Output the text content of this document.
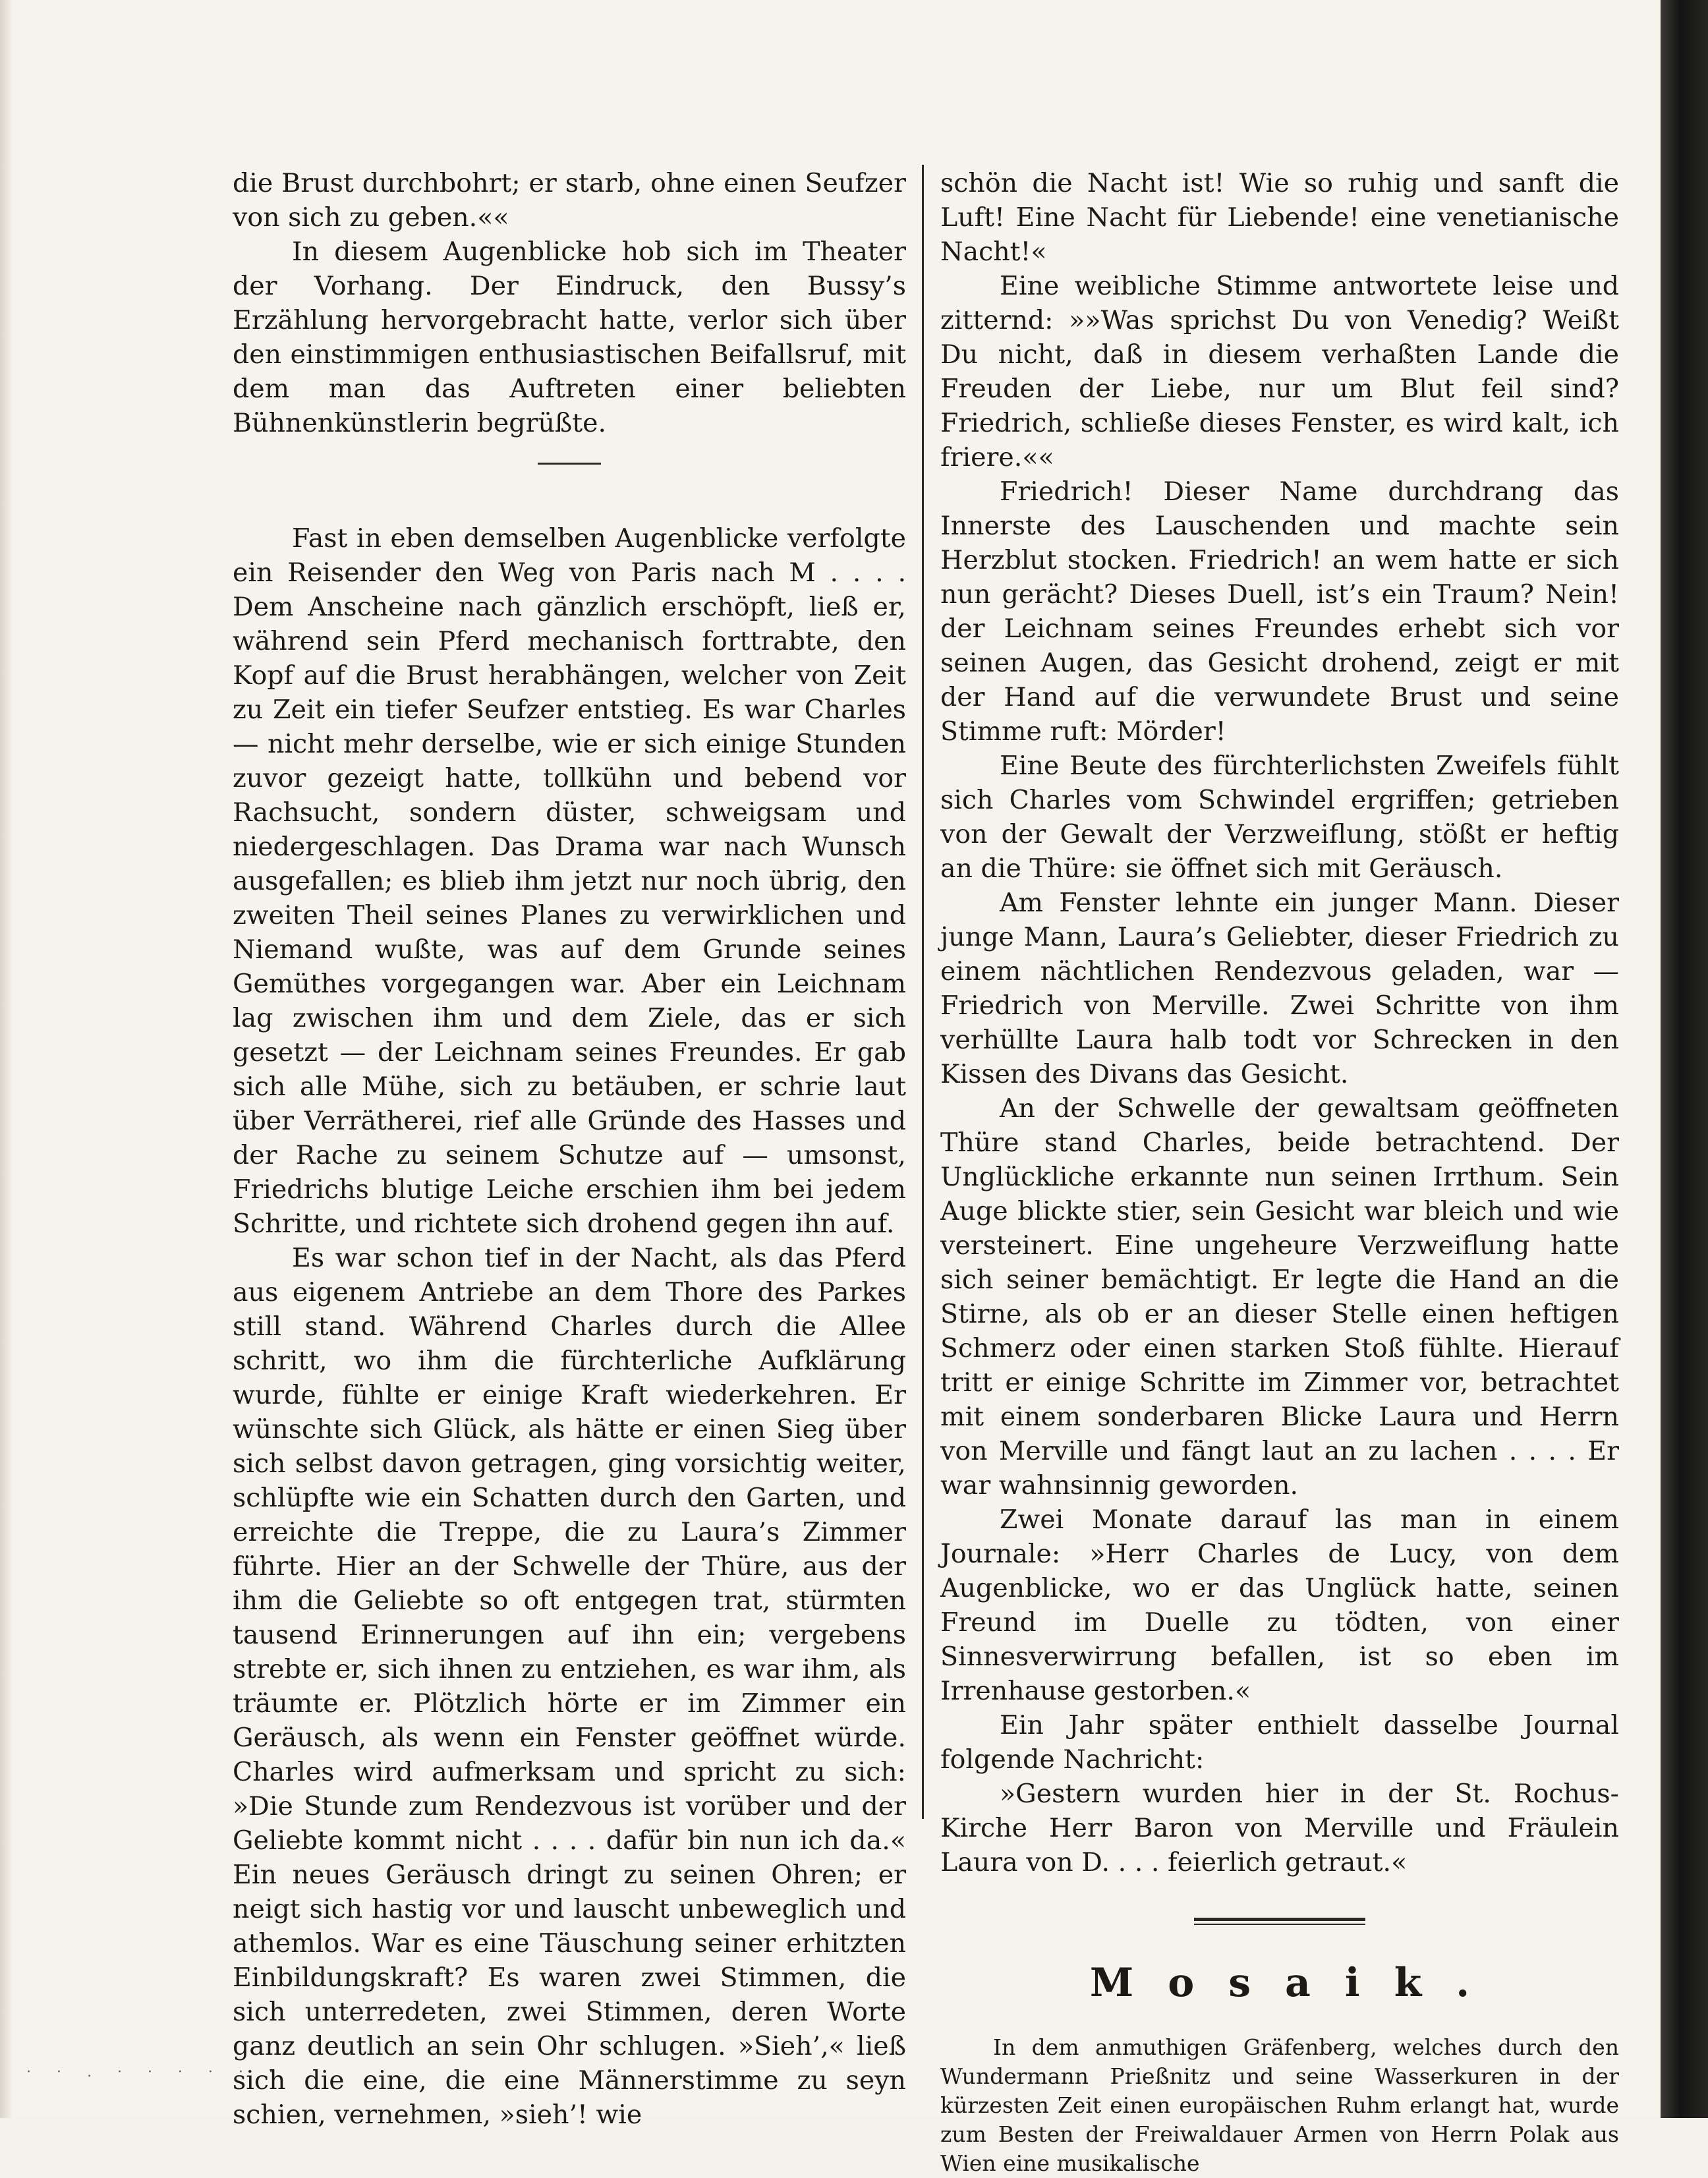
die Brust durchbohrt; er starb, ohne einen Seufzer von sich zu geben.««

In diesem Augenblicke hob sich im Theater der Vorhang. Der Eindruck, den Bussy’s Erzählung hervorgebracht hatte, verlor sich über den einstimmigen enthusiastischen Beifallsruf, mit dem man das Auftreten einer beliebten Bühnenkünstlerin begrüßte.

Fast in eben demselben Augenblicke verfolgte ein Reisender den Weg von Paris nach M . . . . Dem Anscheine nach gänzlich erschöpft, ließ er, während sein Pferd mechanisch forttrabte, den Kopf auf die Brust herabhängen, welcher von Zeit zu Zeit ein tiefer Seufzer entstieg. Es war Charles — nicht mehr derselbe, wie er sich einige Stunden zuvor gezeigt hatte, tollkühn und bebend vor Rachsucht, sondern düster, schweigsam und niedergeschlagen. Das Drama war nach Wunsch ausgefallen; es blieb ihm jetzt nur noch übrig, den zweiten Theil seines Planes zu verwirklichen und Niemand wußte, was auf dem Grunde seines Gemüthes vorgegangen war. Aber ein Leichnam lag zwischen ihm und dem Ziele, das er sich gesetzt — der Leichnam seines Freundes. Er gab sich alle Mühe, sich zu betäuben, er schrie laut über Verrätherei, rief alle Gründe des Hasses und der Rache zu seinem Schutze auf — umsonst, Friedrichs blutige Leiche erschien ihm bei jedem Schritte, und richtete sich drohend gegen ihn auf.

Es war schon tief in der Nacht, als das Pferd aus eigenem Antriebe an dem Thore des Parkes still stand. Während Charles durch die Allee schritt, wo ihm die fürchterliche Aufklärung wurde, fühlte er einige Kraft wiederkehren. Er wünschte sich Glück, als hätte er einen Sieg über sich selbst davon getragen, ging vorsichtig weiter, schlüpfte wie ein Schatten durch den Garten, und erreichte die Treppe, die zu Laura’s Zimmer führte. Hier an der Schwelle der Thüre, aus der ihm die Geliebte so oft entgegen trat, stürmten tausend Erinnerungen auf ihn ein; vergebens strebte er, sich ihnen zu entziehen, es war ihm, als träumte er. Plötzlich hörte er im Zimmer ein Geräusch, als wenn ein Fenster geöffnet würde. Charles wird aufmerksam und spricht zu sich: »Die Stunde zum Rendezvous ist vorüber und der Geliebte kommt nicht . . . . dafür bin nun ich da.« Ein neues Geräusch dringt zu seinen Ohren; er neigt sich hastig vor und lauscht unbeweglich und athemlos. War es eine Täuschung seiner erhitzten Einbildungskraft? Es waren zwei Stimmen, die sich unterredeten, zwei Stimmen, deren Worte ganz deutlich an sein Ohr schlugen. »Sieh’,« ließ sich die eine, die eine Männerstimme zu seyn schien, vernehmen, »sieh’! wie

schön die Nacht ist! Wie so ruhig und sanft die Luft! Eine Nacht für Liebende! eine venetianische Nacht!«

Eine weibliche Stimme antwortete leise und zitternd: »»Was sprichst Du von Venedig? Weißt Du nicht, daß in diesem verhaßten Lande die Freuden der Liebe, nur um Blut feil sind? Friedrich, schließe dieses Fenster, es wird kalt, ich friere.««

Friedrich! Dieser Name durchdrang das Innerste des Lauschenden und machte sein Herzblut stocken. Friedrich! an wem hatte er sich nun gerächt? Dieses Duell, ist’s ein Traum? Nein! der Leichnam seines Freundes erhebt sich vor seinen Augen, das Gesicht drohend, zeigt er mit der Hand auf die verwundete Brust und seine Stimme ruft: Mörder!

Eine Beute des fürchterlichsten Zweifels fühlt sich Charles vom Schwindel ergriffen; getrieben von der Gewalt der Verzweiflung, stößt er heftig an die Thüre: sie öffnet sich mit Geräusch.

Am Fenster lehnte ein junger Mann. Dieser junge Mann, Laura’s Geliebter, dieser Friedrich zu einem nächtlichen Rendezvous geladen, war — Friedrich von Merville. Zwei Schritte von ihm verhüllte Laura halb todt vor Schrecken in den Kissen des Divans das Gesicht.

An der Schwelle der gewaltsam geöffneten Thüre stand Charles, beide betrachtend. Der Unglückliche erkannte nun seinen Irrthum. Sein Auge blickte stier, sein Gesicht war bleich und wie versteinert. Eine ungeheure Verzweiflung hatte sich seiner bemächtigt. Er legte die Hand an die Stirne, als ob er an dieser Stelle einen heftigen Schmerz oder einen starken Stoß fühlte. Hierauf tritt er einige Schritte im Zimmer vor, betrachtet mit einem sonderbaren Blicke Laura und Herrn von Merville und fängt laut an zu lachen . . . . Er war wahnsinnig geworden.

Zwei Monate darauf las man in einem Journale: »Herr Charles de Lucy, von dem Augenblicke, wo er das Unglück hatte, seinen Freund im Duelle zu tödten, von einer Sinnesverwirrung befallen, ist so eben im Irrenhause gestorben.«

Ein Jahr später enthielt dasselbe Journal folgende Nachricht:

»Gestern wurden hier in der St. Rochus-Kirche Herr Baron von Merville und Fräulein Laura von D. . . . feierlich getraut.«

Mosaik.

In dem anmuthigen Gräfenberg, welches durch den Wundermann Prießnitz und seine Wasserkuren in der kürzesten Zeit einen europäischen Ruhm erlangt hat, wurde zum Besten der Freiwaldauer Armen von Herrn Polak aus Wien eine musikalische

· · . · · · · · ·
